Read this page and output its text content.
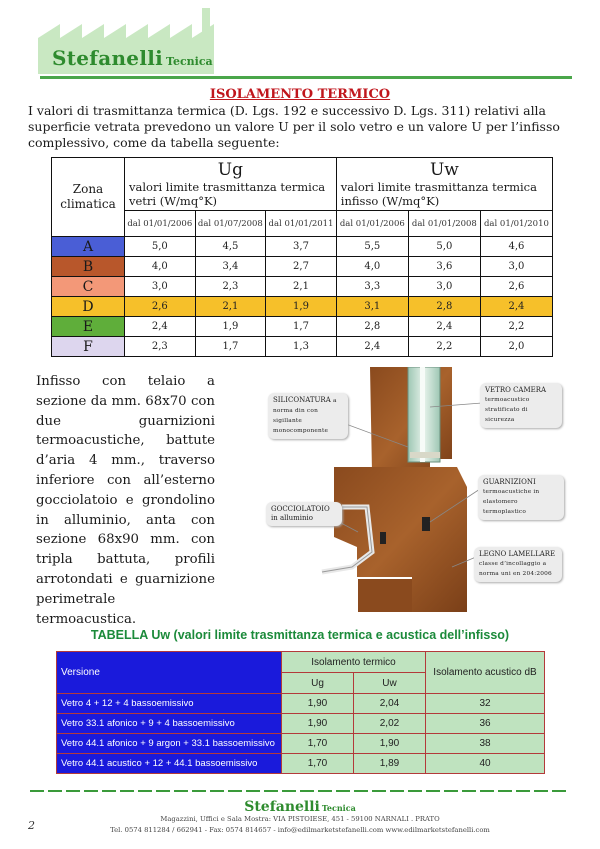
Stefanelli Tecnica
ISOLAMENTO TERMICO
I valori di trasmittanza termica (D. Lgs. 192 e successivo D. Lgs. 311) relativi alla superficie vetrata prevedono un valore U per il solo vetro e un valore U per l’infisso complessivo, come da tabella seguente:
Zona climatica	Ug
valori limite trasmittanza termica vetri (W/mq°K)			Uw
valori limite trasmittanza termica infisso (W/mq°K)		
	dal 01/01/2006	dal 01/07/2008	dal 01/01/2011	dal 01/01/2006	dal 01/01/2008	dal 01/01/2010
A	5,0	4,5	3,7	5,5	5,0	4,6
B	4,0	3,4	2,7	4,0	3,6	3,0
C	3,0	2,3	2,1	3,3	3,0	2,6
D	2,6	2,1	1,9	3,1	2,8	2,4
E	2,4	1,9	1,7	2,8	2,4	2,2
F	2,3	1,7	1,3	2,4	2,2	2,0
Infisso con telaio a sezione da mm. 68x70 con due guarnizioni termoacustiche, battute d’aria 4 mm., traverso inferiore con all’esterno gocciolatoio e grondolino in alluminio, anta con sezione 68x90 mm. con tripla battuta, profili arrotondati e guarnizione perimetrale termoacustica.
SILICONATURA a norma din con sigillante monocomponente
VETRO CAMERA termoacustico stratificato di sicurezza
GUARNIZIONI termoacustiche in elastomero termoplastico
GOCCIOLATOIO in alluminio
LEGNO LAMELLARE classe d’incollaggio a norma uni en 204:2006
TABELLA Uw (valori limite trasmittanza termica e acustica dell’infisso)
Versione	Isolamento termico		Isolamento acustico dB
	Ug	Uw	
Vetro 4 + 12 + 4 bassoemissivo	1,90	2,04	32
Vetro 33.1 afonico + 9 + 4 bassoemissivo	1,90	2,02	36
Vetro 44.1 afonico + 9 argon + 33.1 bassoemissivo	1,70	1,90	38
Vetro 44.1 acustico + 12 + 44.1 bassoemissivo	1,70	1,89	40
Stefanelli Tecnica
Magazzini, Uffici e Sala Mostra: VIA PISTOIESE, 451 - 59100 NARNALI . PRATO
Tel. 0574 811284 / 662941 - Fax: 0574 814657 - info@edilmarketstefanelli.com www.edilmarketstefanelli.com
2
